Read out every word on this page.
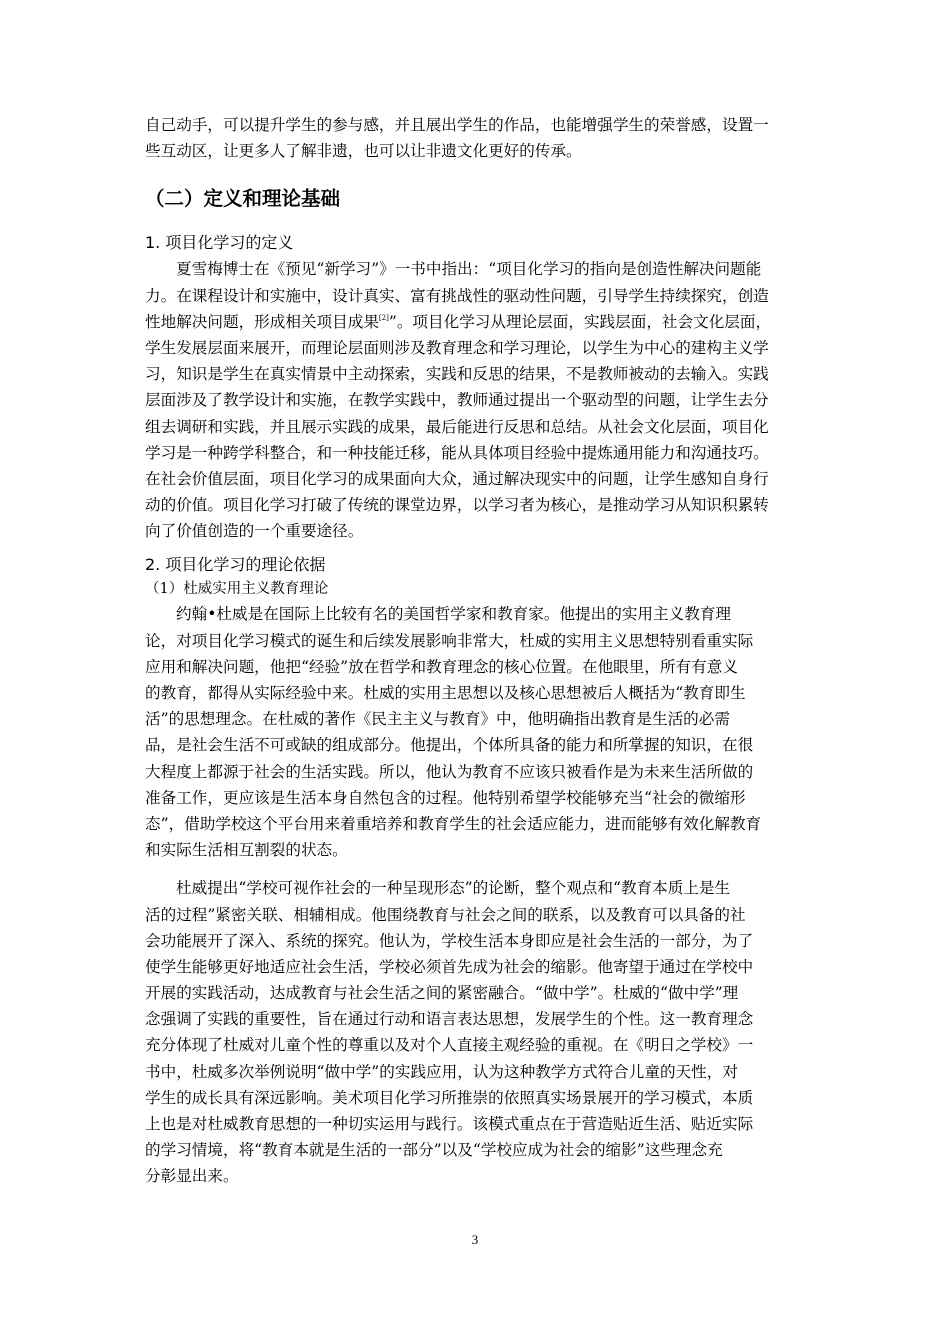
自己动手，可以提升学生的参与感，并且展出学生的作品，也能增强学生的荣誉感，设置一
些互动区，让更多人了解非遗，也可以让非遗文化更好的传承。
（二）定义和理论基础
1. 项目化学习的定义
夏雪梅博士在《预见“新学习”》一书中指出：“项目化学习的指向是创造性解决问题能
力。在课程设计和实施中，设计真实、富有挑战性的驱动性问题，引导学生持续探究，创造
性地解决问题，形成相关项目成果[2]”。项目化学习从理论层面，实践层面，社会文化层面，
学生发展层面来展开，而理论层面则涉及教育理念和学习理论，以学生为中心的建构主义学
习，知识是学生在真实情景中主动探索，实践和反思的结果，不是教师被动的去输入。实践
层面涉及了教学设计和实施，在教学实践中，教师通过提出一个驱动型的问题，让学生去分
组去调研和实践，并且展示实践的成果，最后能进行反思和总结。从社会文化层面，项目化
学习是一种跨学科整合，和一种技能迁移，能从具体项目经验中提炼通用能力和沟通技巧。
在社会价值层面，项目化学习的成果面向大众，通过解决现实中的问题，让学生感知自身行
动的价值。项目化学习打破了传统的课堂边界，以学习者为核心，是推动学习从知识积累转
向了价值创造的一个重要途径。
2. 项目化学习的理论依据
（1）杜威实用主义教育理论
约翰•杜威是在国际上比较有名的美国哲学家和教育家。他提出的实用主义教育理
论，对项目化学习模式的诞生和后续发展影响非常大，杜威的实用主义思想特别看重实际
应用和解决问题，他把“经验”放在哲学和教育理念的核心位置。在他眼里，所有有意义
的教育，都得从实际经验中来。杜威的实用主思想以及核心思想被后人概括为“教育即生
活”的思想理念。在杜威的著作《民主主义与教育》中，他明确指出教育是生活的必需
品，是社会生活不可或缺的组成部分。他提出，个体所具备的能力和所掌握的知识，在很
大程度上都源于社会的生活实践。所以，他认为教育不应该只被看作是为未来生活所做的
准备工作，更应该是生活本身自然包含的过程。他特别希望学校能够充当“社会的微缩形
态”，借助学校这个平台用来着重培养和教育学生的社会适应能力，进而能够有效化解教育
和实际生活相互割裂的状态。
杜威提出“学校可视作社会的一种呈现形态”的论断，整个观点和“教育本质上是生
活的过程”紧密关联、相辅相成。他围绕教育与社会之间的联系，以及教育可以具备的社
会功能展开了深入、系统的探究。他认为，学校生活本身即应是社会生活的一部分，为了
使学生能够更好地适应社会生活，学校必须首先成为社会的缩影。他寄望于通过在学校中
开展的实践活动，达成教育与社会生活之间的紧密融合。“做中学”。杜威的“做中学”理
念强调了实践的重要性，旨在通过行动和语言表达思想，发展学生的个性。这一教育理念
充分体现了杜威对儿童个性的尊重以及对个人直接主观经验的重视。在《明日之学校》一
书中，杜威多次举例说明“做中学”的实践应用，认为这种教学方式符合儿童的天性，对
学生的成长具有深远影响。美术项目化学习所推崇的依照真实场景展开的学习模式，本质
上也是对杜威教育思想的一种切实运用与践行。该模式重点在于营造贴近生活、贴近实际
的学习情境，将“教育本就是生活的一部分”以及“学校应成为社会的缩影”这些理念充
分彰显出来。
3
